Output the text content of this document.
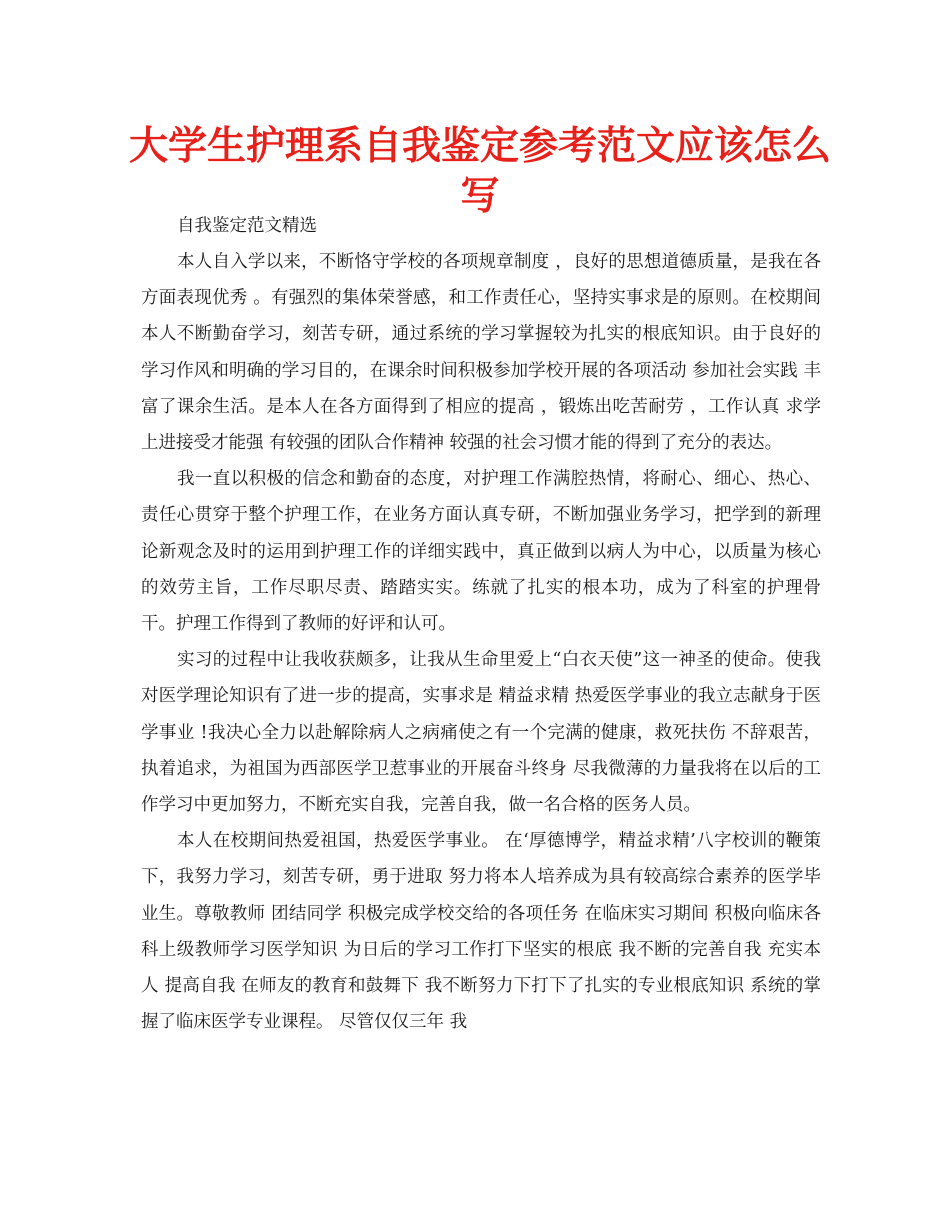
大学生护理系自我鉴定参考范文应该怎么
写

自我鉴定范文精选

本人自入学以来，不断恪守学校的各项规章制度 ，良好的思想道德质量，是我在各方面表现优秀 。有强烈的集体荣誉感，和工作责任心，坚持实事求是的原则。在校期间本人不断勤奋学习，刻苦专研，通过系统的学习掌握较为扎实的根底知识。由于良好的学习作风和明确的学习目的，在课余时间积极参加学校开展的各项活动 参加社会实践 丰富了课余生活。是本人在各方面得到了相应的提高 ，锻炼出吃苦耐劳 ，工作认真 求学上进接受才能强 有较强的团队合作精神 较强的社会习惯才能的得到了充分的表达。

我一直以积极的信念和勤奋的态度，对护理工作满腔热情，将耐心、细心、热心、责任心贯穿于整个护理工作，在业务方面认真专研，不断加强业务学习，把学到的新理论新观念及时的运用到护理工作的详细实践中，真正做到以病人为中心，以质量为核心的效劳主旨，工作尽职尽责、踏踏实实。练就了扎实的根本功，成为了科室的护理骨干。护理工作得到了教师的好评和认可。

实习的过程中让我收获颇多，让我从生命里爱上“白衣天使”这一神圣的使命。使我对医学理论知识有了进一步的提高，实事求是 精益求精 热爱医学事业的我立志献身于医学事业 !我决心全力以赴解除病人之病痛使之有一个完满的健康，救死扶伤 不辞艰苦，执着追求，为祖国为西部医学卫惹事业的开展奋斗终身 尽我微薄的力量我将在以后的工作学习中更加努力，不断充实自我，完善自我，做一名合格的医务人员。

本人在校期间热爱祖国，热爱医学事业。 在‘厚德博学，精益求精’八字校训的鞭策下，我努力学习，刻苦专研，勇于进取 努力将本人培养成为具有较高综合素养的医学毕业生。尊敬教师 团结同学 积极完成学校交给的各项任务 在临床实习期间 积极向临床各科上级教师学习医学知识 为日后的学习工作打下坚实的根底 我不断的完善自我 充实本人 提高自我 在师友的教育和鼓舞下 我不断努力下打下了扎实的专业根底知识 系统的掌握了临床医学专业课程。 尽管仅仅三年 我
